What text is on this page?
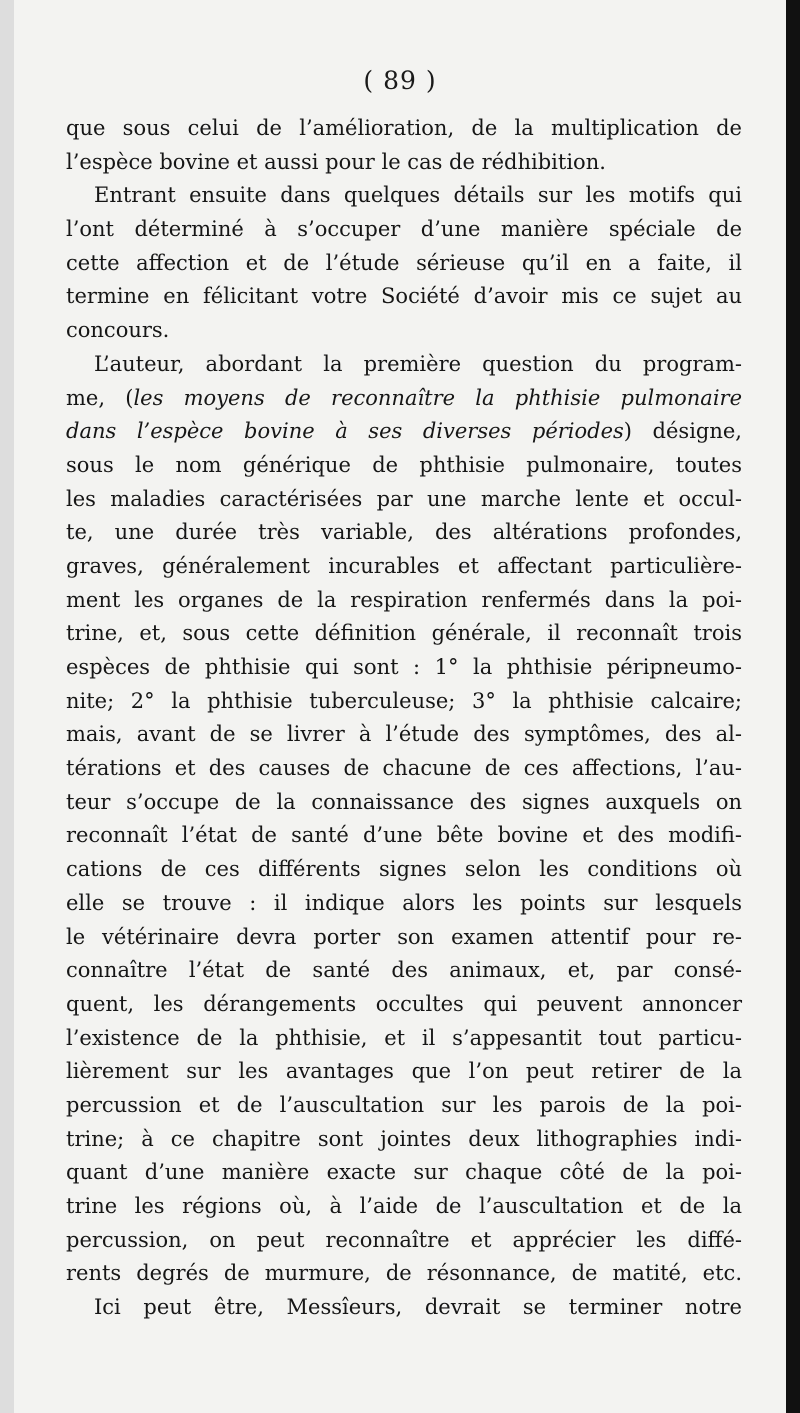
( 89 )
que sous celui de l’amélioration, de la multiplication de
l’espèce bovine et aussi pour le cas de rédhibition.
Entrant ensuite dans quelques détails sur les motifs qui
l’ont déterminé à s’occuper d’une manière spéciale de
cette affection et de l’étude sérieuse qu’il en a faite, il
termine en félicitant votre Société d’avoir mis ce sujet au
concours.
L’auteur, abordant la première question du program-
me, (les moyens de reconnaître la phthisie pulmonaire
dans l’espèce bovine à ses diverses périodes) désigne,
sous le nom générique de phthisie pulmonaire, toutes
les maladies caractérisées par une marche lente et occul-
te, une durée très variable, des altérations profondes,
graves, généralement incurables et affectant particulière-
ment les organes de la respiration renfermés dans la poi-
trine, et, sous cette définition générale, il reconnaît trois
espèces de phthisie qui sont : 1° la phthisie péripneumo-
nite; 2° la phthisie tuberculeuse; 3° la phthisie calcaire;
mais, avant de se livrer à l’étude des symptômes, des al-
térations et des causes de chacune de ces affections, l’au-
teur s’occupe de la connaissance des signes auxquels on
reconnaît l’état de santé d’une bête bovine et des modifi-
cations de ces différents signes selon les conditions où
elle se trouve : il indique alors les points sur lesquels
le vétérinaire devra porter son examen attentif pour re-
connaître l’état de santé des animaux, et, par consé-
quent, les dérangements occultes qui peuvent annoncer
l’existence de la phthisie, et il s’appesantit tout particu-
lièrement sur les avantages que l’on peut retirer de la
percussion et de l’auscultation sur les parois de la poi-
trine; à ce chapitre sont jointes deux lithographies indi-
quant d’une manière exacte sur chaque côté de la poi-
trine les régions où, à l’aide de l’auscultation et de la
percussion, on peut reconnaître et apprécier les diffé-
rents degrés de murmure, de résonnance, de matité, etc.
Ici peut être, Messîeurs, devrait se terminer notre
